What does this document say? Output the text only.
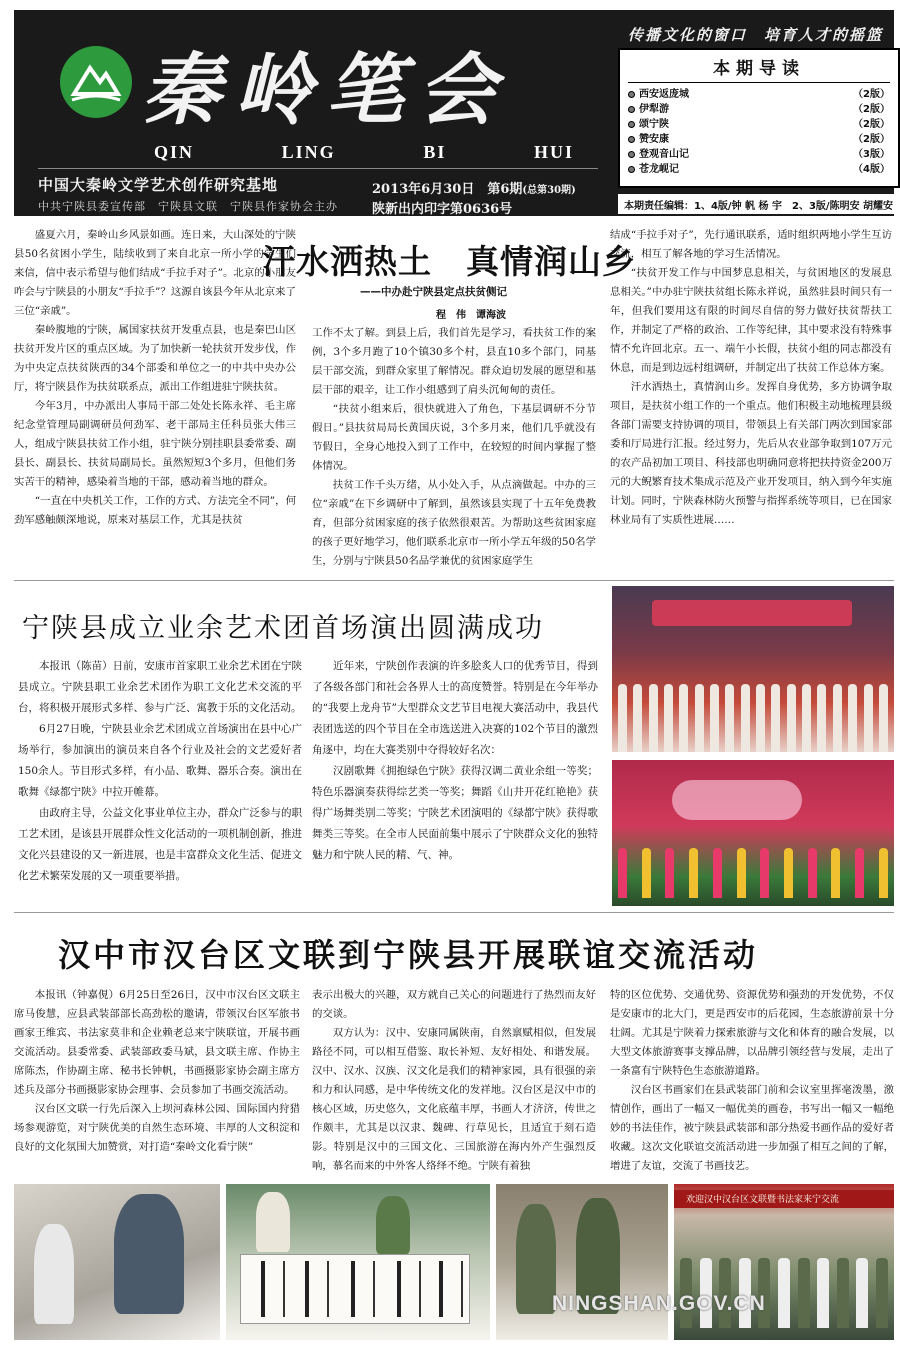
秦岭笔会
QIN	LING	BI	HUI
中国大秦岭文学艺术创作研究基地
中共宁陕县委宣传部　宁陕县文联　宁陕县作家协会主办
2013年6月30日　第6期(总第30期)
陕新出内印字第0636号
传播文化的窗口　培育人才的摇篮
本期导读
西安返庞城	（2版）
伊犁游	（2版）
颂宁陕	（2版）
赞安康	（2版）
登观音山记	（3版）
苍龙岘记	（4版）
本期责任编辑：1、4版/钟 帆 杨 宇　2、3版/陈明安 胡耀安

盛夏六月，秦岭山乡风景如画。连日来，大山深处的宁陕县50名贫困小学生，陆续收到了来自北京一所小学的学生们来信，信中表示希望与他们结成“手拉手对子”。北京的小朋友咋会与宁陕县的小朋友“手拉手”？这源自该县今年从北京来了三位“亲戚”。

秦岭腹地的宁陕，属国家扶贫开发重点县，也是秦巴山区扶贫开发片区的重点区域。为了加快新一轮扶贫开发步伐，作为中央定点扶贫陕西的34个部委和单位之一的中共中央办公厅，将宁陕县作为扶贫联系点，派出工作组进驻宁陕扶贫。

今年3月，中办派出人事局干部二处处长陈永祥、毛主席纪念堂管理局副调研员何劲军、老干部局主任科员张大伟三人，组成宁陕县扶贫工作小组，驻宁陕分别挂职县委常委、副县长、副县长、扶贫局副局长。虽然短短3个多月，但他们务实苦干的精神，感染着当地的干部，感动着当地的群众。

“一直在中央机关工作，工作的方式、方法完全不同”，何劲军感触颇深地说，原来对基层工作，尤其是扶贫

汗水洒热土　真情润山乡
——中办赴宁陕县定点扶贫侧记
程　伟　谭海波

工作不太了解。到县上后，我们首先是学习，看扶贫工作的案例，3个多月跑了10个镇30多个村，县直10多个部门，同基层干部交流，到群众家里了解情况。群众迫切发展的愿望和基层干部的艰辛，让工作小组感到了肩头沉甸甸的责任。

“扶贫小组来后，很快就进入了角色，下基层调研不分节假日。”县扶贫局局长黄国庆说，3个多月来，他们几乎就没有节假日，全身心地投入到了工作中，在较短的时间内掌握了整体情况。

扶贫工作千头万绪，从小处入手，从点滴做起。中办的三位“亲戚”在下乡调研中了解到，虽然该县实现了十五年免费教育，但部分贫困家庭的孩子依然很艰苦。为帮助这些贫困家庭的孩子更好地学习，他们联系北京市一所小学五年级的50名学生，分别与宁陕县50名品学兼优的贫困家庭学生

结成“手拉手对子”，先行通讯联系，适时组织两地小学生互访交流，相互了解各地的学习生活情况。

“扶贫开发工作与中国梦息息相关，与贫困地区的发展息息相关。”中办驻宁陕扶贫组长陈永祥说，虽然驻县时间只有一年，但我们要用这有限的时间尽自信的努力做好扶贫帮扶工作，并制定了严格的政治、工作等纪律，其中要求没有特殊事情不允许回北京。五一、端午小长假，扶贫小组的同志都没有休息，而是到边远村组调研，并制定出了扶贫工作总体方案。

汗水洒热土，真情润山乡。发挥自身优势，多方协调争取项目，是扶贫小组工作的一个重点。他们积极主动地梳理县级各部门需要支持协调的项目，带领县上有关部门两次到国家部委和厅局进行汇报。经过努力，先后从农业部争取到107万元的农产品初加工项目、科技部也明确同意将把扶持资金200万元的大鲵繁育技术集成示范及产业开发项目，纳入到今年实施计划。同时，宁陕森林防火预警与指挥系统等项目，已在国家林业局有了实质性进展……

宁陕县成立业余艺术团首场演出圆满成功

本报讯（陈苗）日前，安康市首家职工业余艺术团在宁陕县成立。宁陕县职工业余艺术团作为职工文化艺术交流的平台，将积极开展形式多样、参与广泛、寓教于乐的文化活动。

6月27日晚，宁陕县业余艺术团成立首场演出在县中心广场举行，参加演出的演员来自各个行业及社会的文艺爱好者150余人。节目形式多样，有小品、歌舞、器乐合奏。演出在歌舞《绿都宁陕》中拉开帷幕。

由政府主导，公益文化事业单位主办，群众广泛参与的职工艺术团，是该县开展群众性文化活动的一项机制创新，推进文化兴县建设的又一新进展，也是丰富群众文化生活、促进文化艺术繁荣发展的又一项重要举措。

近年来，宁陕创作表演的许多脍炙人口的优秀节目，得到了各级各部门和社会各界人士的高度赞誉。特别是在今年举办的“我要上龙舟节”大型群众文艺节目电视大赛活动中，我县代表团选送的四个节目在全市选送进入决赛的102个节目的激烈角逐中，均在大赛类别中夺得较好名次：

汉剧歌舞《拥抱绿色宁陕》获得汉调二黄业余组一等奖；特色乐器演奏获得综艺类一等奖；舞蹈《山井开花红艳艳》获得广场舞类别二等奖；宁陕艺术团演唱的《绿都宁陕》获得歌舞类三等奖。在全市人民面前集中展示了宁陕群众文化的独特魅力和宁陕人民的精、气、神。

汉中市汉台区文联到宁陕县开展联谊交流活动

本报讯（钟嘉俔）6月25日至26日，汉中市汉台区文联主席马俊慧，应县武装部部长高劲松的邀请，带领汉台区军旅书画家王维宾、书法家莫非和企业赖老总来宁陕联谊，开展书画交流活动。县委常委、武装部政委马斌，县文联主席、作协主席陈杰，作协副主席、秘书长钟帆，书画摄影家协会副主席方述兵及部分书画摄影家协会理事、会员参加了书画交流活动。

汉台区文联一行先后深入上坝河森林公园、国际国内狩猎场参观游览，对宁陕优美的自然生态环境、丰厚的人文积淀和良好的文化氛围大加赞赏，对打造“秦岭文化看宁陕”

表示出极大的兴趣，双方就自己关心的问题进行了热烈而友好的交谈。

双方认为：汉中、安康同属陕南，自然禀赋相似，但发展路径不同，可以相互借鉴、取长补短、友好相处、和谐发展。汉中、汉水、汉族、汉文化是我们的精神家园，具有很强的亲和力和认同感，是中华传统文化的发祥地。汉台区是汉中市的核心区域，历史悠久，文化底蕴丰厚，书画人才济济，传世之作颇丰，尤其是以汉隶、魏碑、行草见长，且适宜于刻石造影。特别是汉中的三国文化、三国旅游在海内外产生强烈反响，慕名而来的中外客人络绎不绝。宁陕有着独

特的区位优势、交通优势、资源优势和强劲的开发优势，不仅是安康市的北大门，更是西安市的后花园，生态旅游前景十分壮阔。尤其是宁陕着力探索旅游与文化和体育的融合发展，以大型文体旅游赛事支撑品牌，以品牌引领经营与发展，走出了一条富有宁陕特色生态旅游道路。

汉台区书画家们在县武装部门前和会议室里挥毫泼墨，激情创作，画出了一幅又一幅优美的画卷，书写出一幅又一幅绝妙的书法佳作，被宁陕县武装部和部分热爱书画作品的爱好者收藏。这次文化联谊交流活动进一步加强了相互之间的了解，增进了友谊，交流了书画技艺。

欢迎汉中汉台区文联暨书法家来宁交流
NINGSHAN.GOV.CN
